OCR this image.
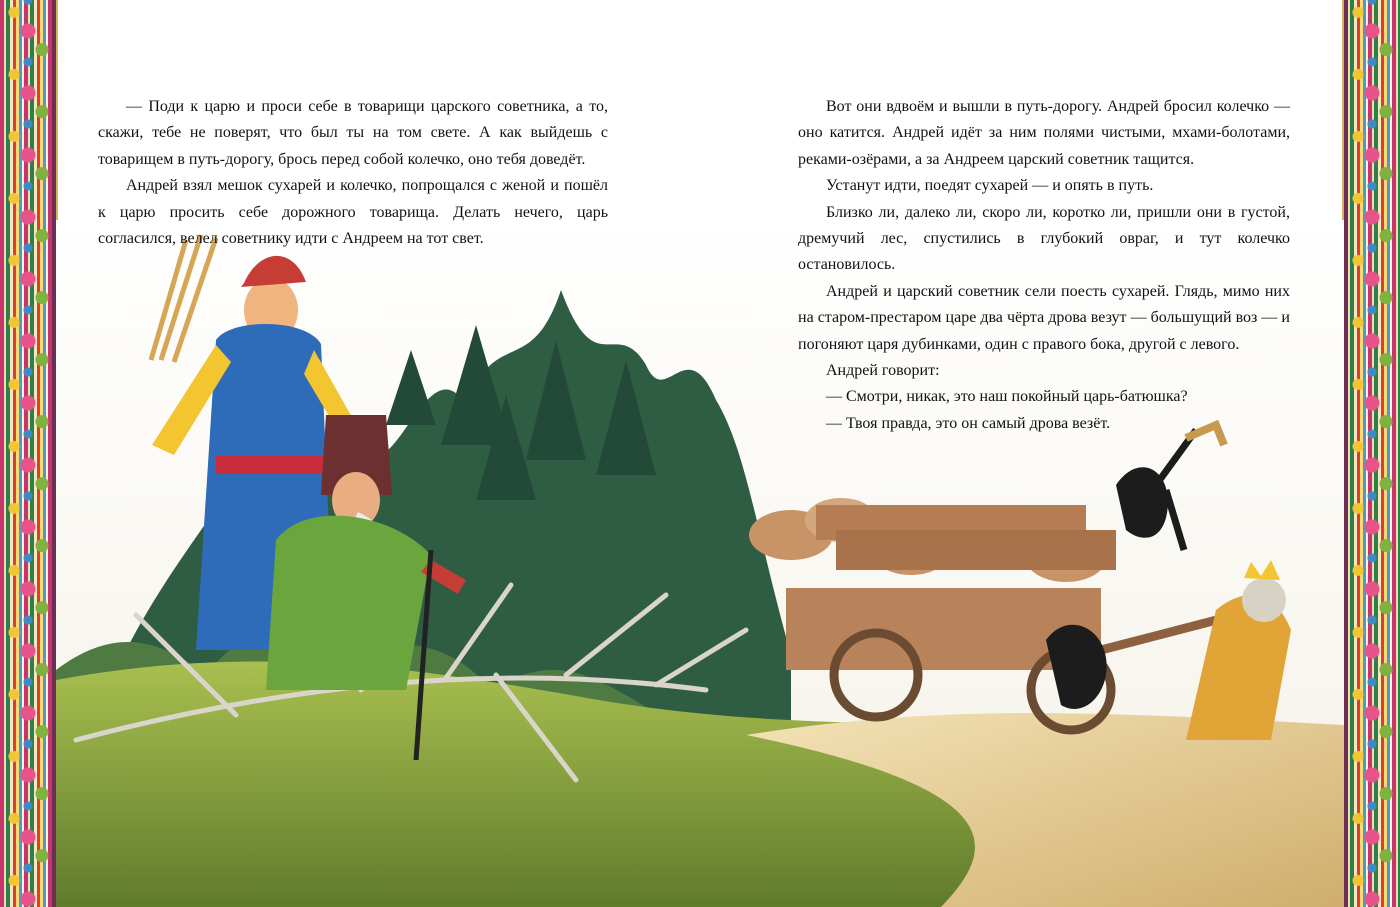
— Поди к царю и проси себе в товарищи царского советника, а то, скажи, тебе не поверят, что был ты на том свете. А как выйдешь с товарищем в путь-дорогу, брось перед собой колечко, оно тебя доведёт.

Андрей взял мешок сухарей и колечко, попрощался с женой и пошёл к царю просить себе дорожного товарища. Делать нечего, царь согласился, велел советнику идти с Андреем на тот свет.

Вот они вдвоём и вышли в путь-дорогу. Андрей бросил колечко — оно катится. Андрей идёт за ним полями чистыми, мхами-болотами, реками-озёрами, а за Андреем царский советник тащится.

Устанут идти, поедят сухарей — и опять в путь.

Близко ли, далеко ли, скоро ли, коротко ли, пришли они в густой, дремучий лес, спустились в глубокий овраг, и тут колечко остановилось.

Андрей и царский советник сели поесть сухарей. Глядь, мимо них на старом-престаром царе два чёрта дрова везут — большущий воз — и погоняют царя дубинками, один с правого бока, другой с левого.

Андрей говорит:

— Смотри, никак, это наш покойный царь-батюшка?

— Твоя правда, это он самый дрова везёт.
